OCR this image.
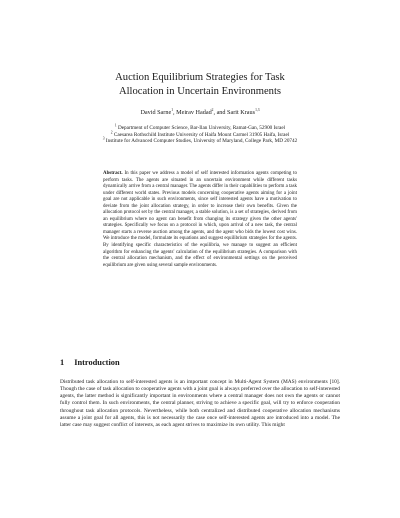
Auction Equilibrium Strategies for Task
Allocation in Uncertain Environments
David Sarne$^1$, Meirav Hadad$^2$, and Sarit Kraus$^{1,3}$
$^1$ Department of Computer Science, Bar-Ilan University, Ramat-Gan, 52900 Israel
$^2$ Caesarea Rothschild Institute University of Haifa Mount Carmel 31905 Haifa, Israel
$^3$ Institute for Advanced Computer Studies, University of Maryland, College Park, MD 20742

Abstract. In this paper we address a model of self interested information agents competing to perform tasks. The agents are situated in an uncertain environment while different tasks dynamically arrive from a central manager. The agents differ in their capabilities to perform a task under different world states. Previous models concerning cooperative agents aiming for a joint goal are not applicable in such environments, since self interested agents have a motivation to deviate from the joint allocation strategy, in order to increase their own benefits. Given the allocation protocol set by the central manager, a stable solution, is a set of strategies, derived from an equilibrium where no agent can benefit from changing its strategy given the other agents' strategies. Specifically we focus on a protocol in which, upon arrival of a new task, the central manager starts a reverse auction among the agents, and the agent who bids the lowest cost wins. We introduce the model, formulate its equations and suggest equilibrium strategies for the agents. By identifying specific characteristics of the equilibria, we manage to suggest an efficient algorithm for enhancing the agents' calculation of the equilibrium strategies. A comparison with the central allocation mechanism, and the effect of environmental settings on the perceived equilibrium are given using several sample environments.

1 Introduction

Distributed task allocation to self-interested agents is an important concept in Multi-Agent System (MAS) environments [10]. Though the case of task allocation to cooperative agents with a joint goal is always preferred over the allocation to self-interested agents, the latter method is significantly important in environments where a central manager does not own the agents or cannot fully control them. In such environments, the central planner, striving to achieve a specific goal, will try to enforce cooperation throughout task allocation protocols. Nevertheless, while both centralized and distributed cooperative allocation mechanisms assume a joint goal for all agents, this is not necessarily the case once self-interested agents are introduced into a model. The latter case may suggest conflict of interests, as each agent strives to maximize its own utility. This might
